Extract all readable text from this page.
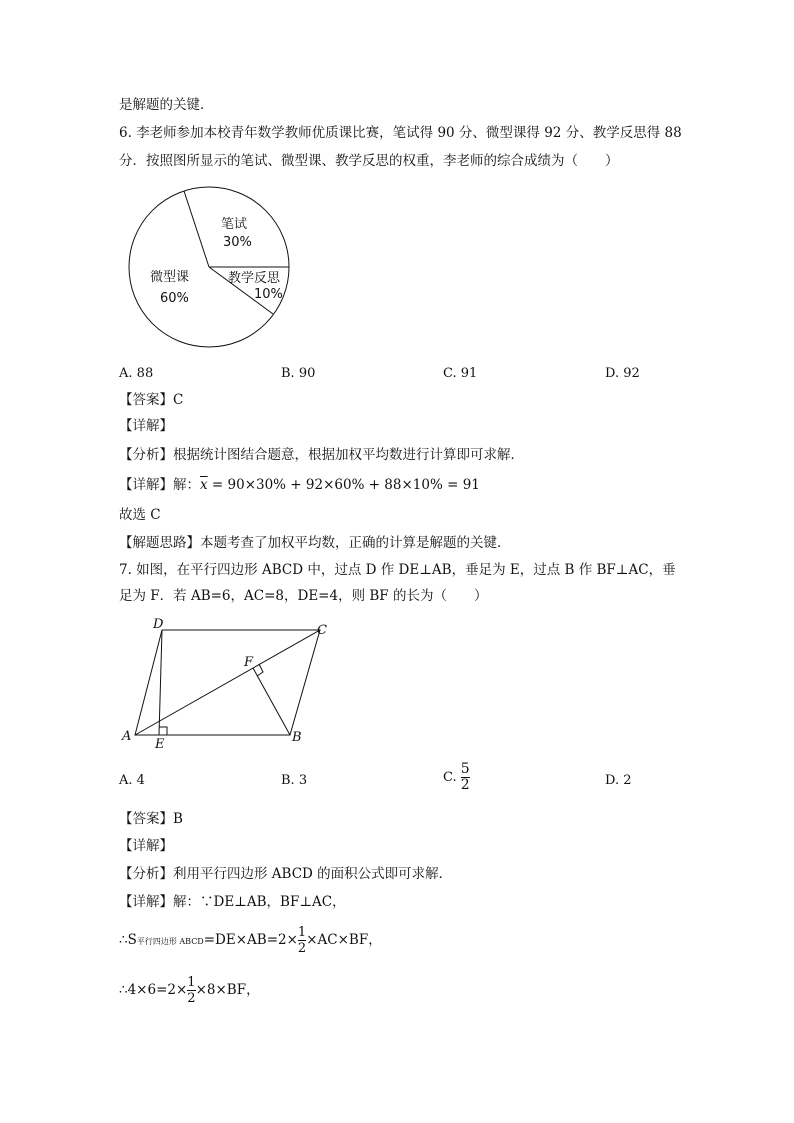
是解题的关键．
6. 李老师参加本校青年数学教师优质课比赛，笔试得 90 分、微型课得 92 分、教学反思得 88
分．按照图所显示的笔试、微型课、教学反思的权重，李老师的综合成绩为（　　）
笔试
30%
微型课
60%
教学反思
10%
A. 88	B. 90	C. 91	D. 92
【答案】C
【详解】
【分析】根据统计图结合题意，根据加权平均数进行计算即可求解．
【详解】解：$\overline{x} = 90\times 30\% + 92\times 60\% + 88\times 10\% = 91$
故选 C
【解题思路】本题考查了加权平均数，正确的计算是解题的关键．
7. 如图，在平行四边形 ABCD 中，过点 D 作 DE⊥AB，垂足为 E，过点 B 作 BF⊥AC，垂
足为 F．若 AB=6，AC=8，DE=4，则 BF 的长为（　　）
A	B
C
D
E
F
A. 4	B. 3	C. $\frac{5}{2}$	D. 2
【答案】B
【详解】
【分析】利用平行四边形 ABCD 的面积公式即可求解．
【详解】解：∵DE⊥AB，BF⊥AC，
∴S平行四边形 ABCD=DE×AB=2× $\frac{1}{2} \times AC\times BF$，
∴4×6=2× $\frac{1}{2} \times 8\times BF$，
